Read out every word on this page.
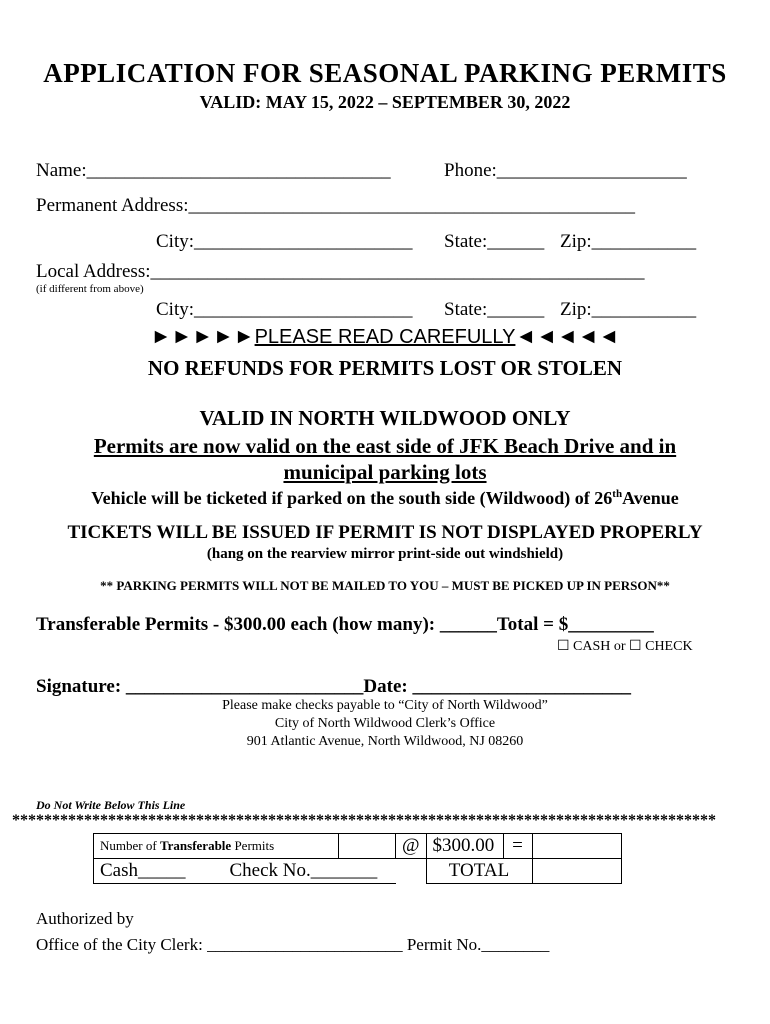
APPLICATION FOR SEASONAL PARKING PERMITS
VALID: MAY 15, 2022 – SEPTEMBER 30, 2022
Name:________________________________	Phone:____________________
Permanent Address:_______________________________________________
City:_______________________ State:______ Zip:___________
Local Address:____________________________________________________
(if different from above)
City:_______________________ State:______ Zip:___________
►►►►►PLEASE READ CAREFULLY◄◄◄◄◄
NO REFUNDS FOR PERMITS LOST OR STOLEN
VALID IN NORTH WILDWOOD ONLY
Permits are now valid on the east side of JFK Beach Drive and in
municipal parking lots
Vehicle will be ticketed if parked on the south side (Wildwood) of 26thAvenue
TICKETS WILL BE ISSUED IF PERMIT IS NOT DISPLAYED PROPERLY
(hang on the rearview mirror print-side out windshield)
** PARKING PERMITS WILL NOT BE MAILED TO YOU – MUST BE PICKED UP IN PERSON**
Transferable Permits - $300.00 each (how many): ______Total = $_________
☐ CASH or ☐ CHECK
Signature: _________________________Date: _______________________
Please make checks payable to “City of North Wildwood”
City of North Wildwood Clerk’s Office
901 Atlantic Avenue, North Wildwood, NJ 08260
Do Not Write Below This Line
****************************************************************************************
Number of Transferable Permits		@	$300.00	=	
Cash_____ Check No._______			TOTAL		
Authorized by
Office of the City Clerk: _______________________ Permit No.________
